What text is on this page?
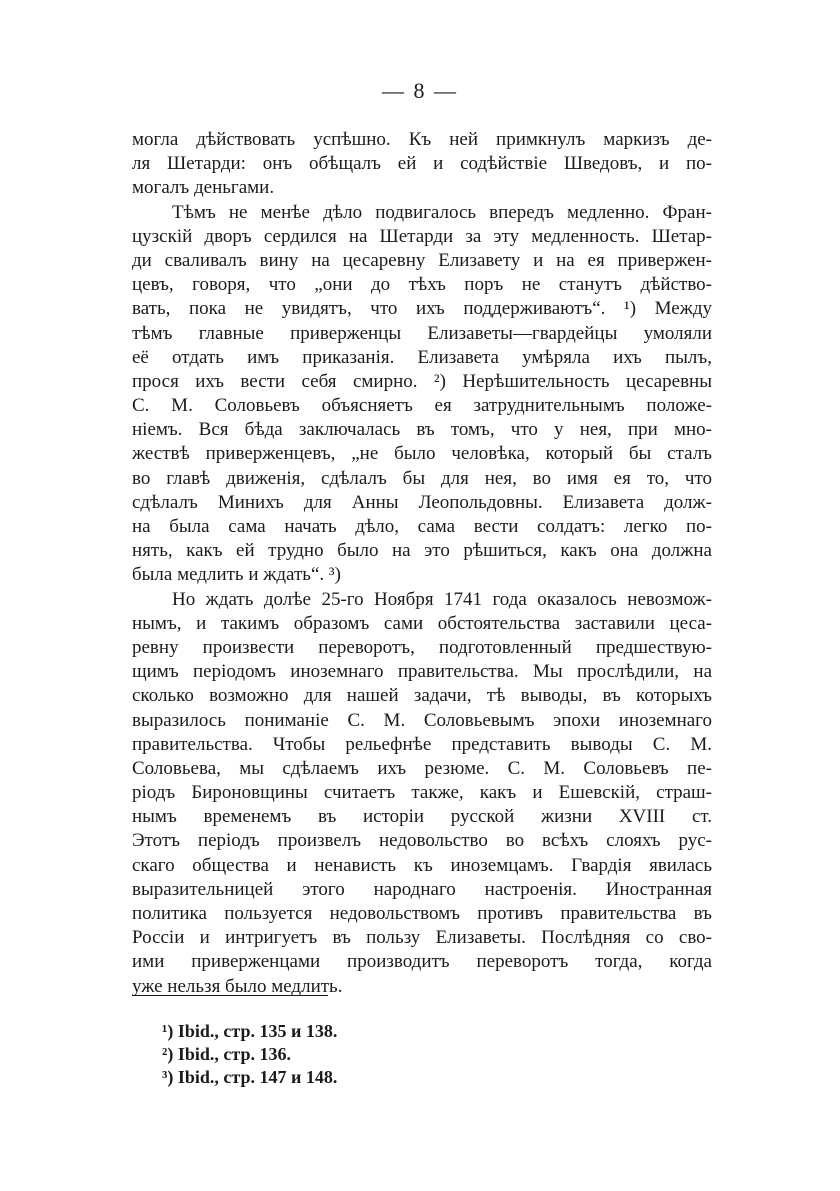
— 8 —
могла дѣйствовать успѣшно. Къ ней примкнулъ маркизъ де-
ля Шетарди: онъ обѣщалъ ей и содѣйствіе Шведовъ, и по-
могалъ деньгами.
Тѣмъ не менѣе дѣло подвигалось впередъ медленно. Фран-
цузскій дворъ сердился на Шетарди за эту медленность. Шетар-
ди сваливалъ вину на цесаревну Елизавету и на ея привержен-
цевъ, говоря, что „они до тѣхъ поръ не станутъ дѣйство-
вать, пока не увидятъ, что ихъ поддерживаютъ“. ¹) Между
тѣмъ главные приверженцы Елизаветы—гвардейцы умоляли
её отдать имъ приказанія. Елизавета умѣряла ихъ пылъ,
прося ихъ вести себя смирно. ²) Нерѣшительность цесаревны
С. М. Соловьевъ объясняетъ ея затруднительнымъ положе-
ніемъ. Вся бѣда заключалась въ томъ, что у нея, при мно-
жествѣ приверженцевъ, „не было человѣка, который бы сталъ
во главѣ движенія, сдѣлалъ бы для нея, во имя ея то, что
сдѣлалъ Минихъ для Анны Леопольдовны. Елизавета долж-
на была сама начать дѣло, сама вести солдатъ: легко по-
нять, какъ ей трудно было на это рѣшиться, какъ она должна
была медлить и ждать“. ³)
Но ждать долѣе 25-го Ноября 1741 года оказалось невозмож-
нымъ, и такимъ образомъ сами обстоятельства заставили цеса-
ревну произвести переворотъ, подготовленный предшествую-
щимъ періодомъ иноземнаго правительства. Мы прослѣдили, на
сколько возможно для нашей задачи, тѣ выводы, въ которыхъ
выразилось пониманіе С. М. Соловьевымъ эпохи иноземнаго
правительства. Чтобы рельефнѣе представить выводы С. М.
Соловьева, мы сдѣлаемъ ихъ резюме. С. М. Соловьевъ пе-
ріодъ Бироновщины считаетъ также, какъ и Ешевскій, страш-
нымъ временемъ въ исторіи русской жизни XVIII ст.
Этотъ періодъ произвелъ недовольство во всѣхъ слояхъ рус-
скаго общества и ненависть къ иноземцамъ. Гвардія явилась
выразительницей этого народнаго настроенія. Иностранная
политика пользуется недовольствомъ противъ правительства въ
Россіи и интригуетъ въ пользу Елизаветы. Послѣдняя со сво-
ими приверженцами производитъ переворотъ тогда, когда
уже нельзя было медлить.
¹) Ibid., стр. 135 и 138.
²) Ibid., стр. 136.
³) Ibid., стр. 147 и 148.
